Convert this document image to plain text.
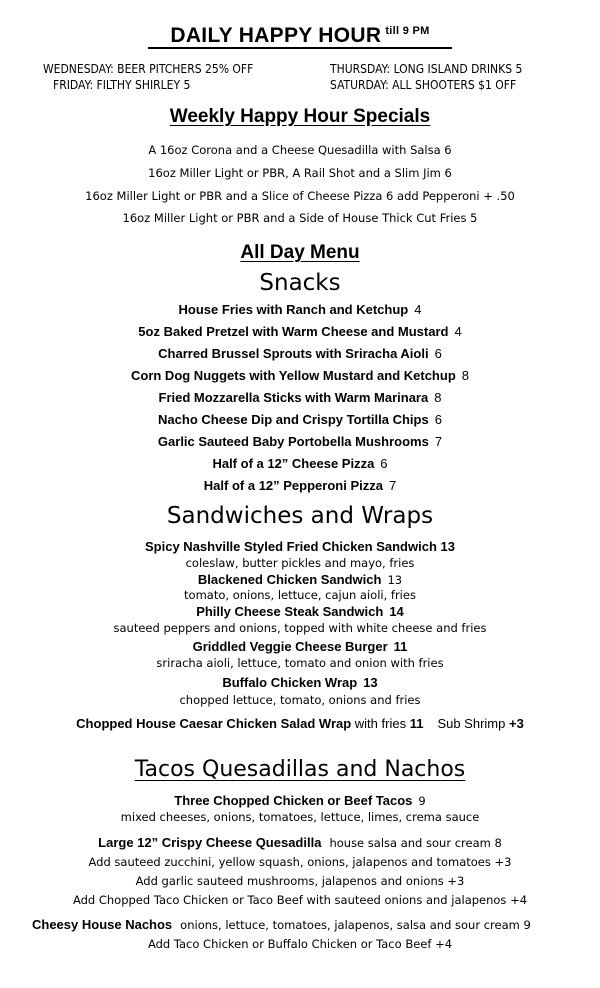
DAILY HAPPY HOUR $^{till 9 PM}$
WEDNESDAY: BEER PITCHERS 25% OFF	THURSDAY: LONG ISLAND DRINKS 5
FRIDAY: FILTHY SHIRLEY 5	SATURDAY: ALL SHOOTERS $1 OFF
Weekly Happy Hour Specials
A 16oz Corona and a Cheese Quesadilla with Salsa 6
16oz Miller Light or PBR, A Rail Shot and a Slim Jim 6
16oz Miller Light or PBR and a Slice of Cheese Pizza 6 add Pepperoni + .50
16oz Miller Light or PBR and a Side of House Thick Cut Fries 5
All Day Menu
Snacks
House Fries with Ranch and Ketchup 4
5oz Baked Pretzel with Warm Cheese and Mustard 4
Charred Brussel Sprouts with Sriracha Aioli 6
Corn Dog Nuggets with Yellow Mustard and Ketchup 8
Fried Mozzarella Sticks with Warm Marinara 8
Nacho Cheese Dip and Crispy Tortilla Chips 6
Garlic Sauteed Baby Portobella Mushrooms 7
Half of a 12” Cheese Pizza 6
Half of a 12” Pepperoni Pizza 7
Sandwiches and Wraps
Spicy Nashville Styled Fried Chicken Sandwich 13
coleslaw, butter pickles and mayo, fries
Blackened Chicken Sandwich 13
tomato, onions, lettuce, cajun aioli, fries
Philly Cheese Steak Sandwich 14
sauteed peppers and onions, topped with white cheese and fries
Griddled Veggie Cheese Burger 11
sriracha aioli, lettuce, tomato and onion with fries
Buffalo Chicken Wrap 13
chopped lettuce, tomato, onions and fries
Chopped House Caesar Chicken Salad Wrap with fries 11 Sub Shrimp +3
Tacos Quesadillas and Nachos
Three Chopped Chicken or Beef Tacos 9
mixed cheeses, onions, tomatoes, lettuce, limes, crema sauce
Large 12” Crispy Cheese Quesadilla house salsa and sour cream 8
Add sauteed zucchini, yellow squash, onions, jalapenos and tomatoes +3
Add garlic sauteed mushrooms, jalapenos and onions +3
Add Chopped Taco Chicken or Taco Beef with sauteed onions and jalapenos +4
Cheesy House Nachos onions, lettuce, tomatoes, jalapenos, salsa and sour cream 9
Add Taco Chicken or Buffalo Chicken or Taco Beef +4
